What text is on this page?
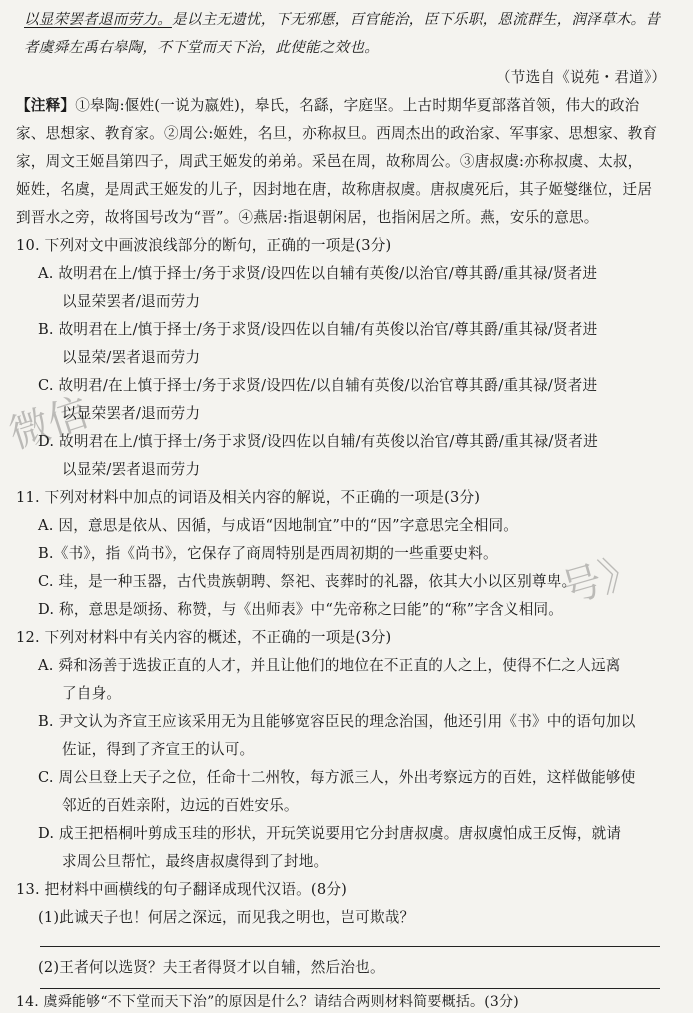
以显荣罢者退而劳力。是以主无遗忧，下无邪慝，百官能治，臣下乐职，恩流群生，润泽草木。昔
者虞舜左禹右皋陶，不下堂而天下治，此使能之效也。
（节选自《说苑・君道》）
【注释】①皋陶:偃姓(一说为嬴姓)，皋氏，名繇，字庭坚。上古时期华夏部落首领，伟大的政治
家、思想家、教育家。②周公:姬姓，名旦，亦称叔旦。西周杰出的政治家、军事家、思想家、教育
家，周文王姬昌第四子，周武王姬发的弟弟。采邑在周，故称周公。③唐叔虞:亦称叔虞、太叔，
姬姓，名虞，是周武王姬发的儿子，因封地在唐，故称唐叔虞。唐叔虞死后，其子姬燮继位，迁居
到晋水之旁，故将国号改为“晋”。④燕居:指退朝闲居，也指闲居之所。燕，安乐的意思。
10. 下列对文中画波浪线部分的断句，正确的一项是(3分)
A. 故明君在上/慎于择士/务于求贤/设四佐以自辅有英俊/以治官/尊其爵/重其禄/贤者进
以显荣罢者/退而劳力
B. 故明君在上/慎于择士/务于求贤/设四佐以自辅/有英俊以治官/尊其爵/重其禄/贤者进
以显荣/罢者退而劳力
C. 故明君/在上慎于择士/务于求贤/设四佐/以自辅有英俊/以治官尊其爵/重其禄/贤者进
以显荣罢者/退而劳力
D. 故明君在上/慎于择士/务于求贤/设四佐以自辅/有英俊以治官/尊其爵/重其禄/贤者进
以显荣/罢者退而劳力
11. 下列对材料中加点的词语及相关内容的解说，不正确的一项是(3分)
A. 因，意思是依从、因循，与成语“因地制宜”中的“因”字意思完全相同。
B.《书》，指《尚书》，它保存了商周特别是西周初期的一些重要史料。
C. 珪，是一种玉器，古代贵族朝聘、祭祀、丧葬时的礼器，依其大小以区别尊卑。
D. 称，意思是颂扬、称赞，与《出师表》中“先帝称之曰能”的“称”字含义相同。
12. 下列对材料中有关内容的概述，不正确的一项是(3分)
A. 舜和汤善于选拔正直的人才，并且让他们的地位在不正直的人之上，使得不仁之人远离
了自身。
B. 尹文认为齐宣王应该采用无为且能够宽容臣民的理念治国，他还引用《书》中的语句加以
佐证，得到了齐宣王的认可。
C. 周公旦登上天子之位，任命十二州牧，每方派三人，外出考察远方的百姓，这样做能够使
邻近的百姓亲附，边远的百姓安乐。
D. 成王把梧桐叶剪成玉珪的形状，开玩笑说要用它分封唐叔虞。唐叔虞怕成王反悔，就请
求周公旦帮忙，最终唐叔虞得到了封地。
13. 把材料中画横线的句子翻译成现代汉语。(8分)
(1)此诚天子也！何居之深远，而见我之明也，岂可欺哉？
(2)王者何以选贤？夫王者得贤才以自辅，然后治也。
14. 虞舜能够“不下堂而天下治”的原因是什么？请结合两则材料简要概括。(3分)
微信
号》
